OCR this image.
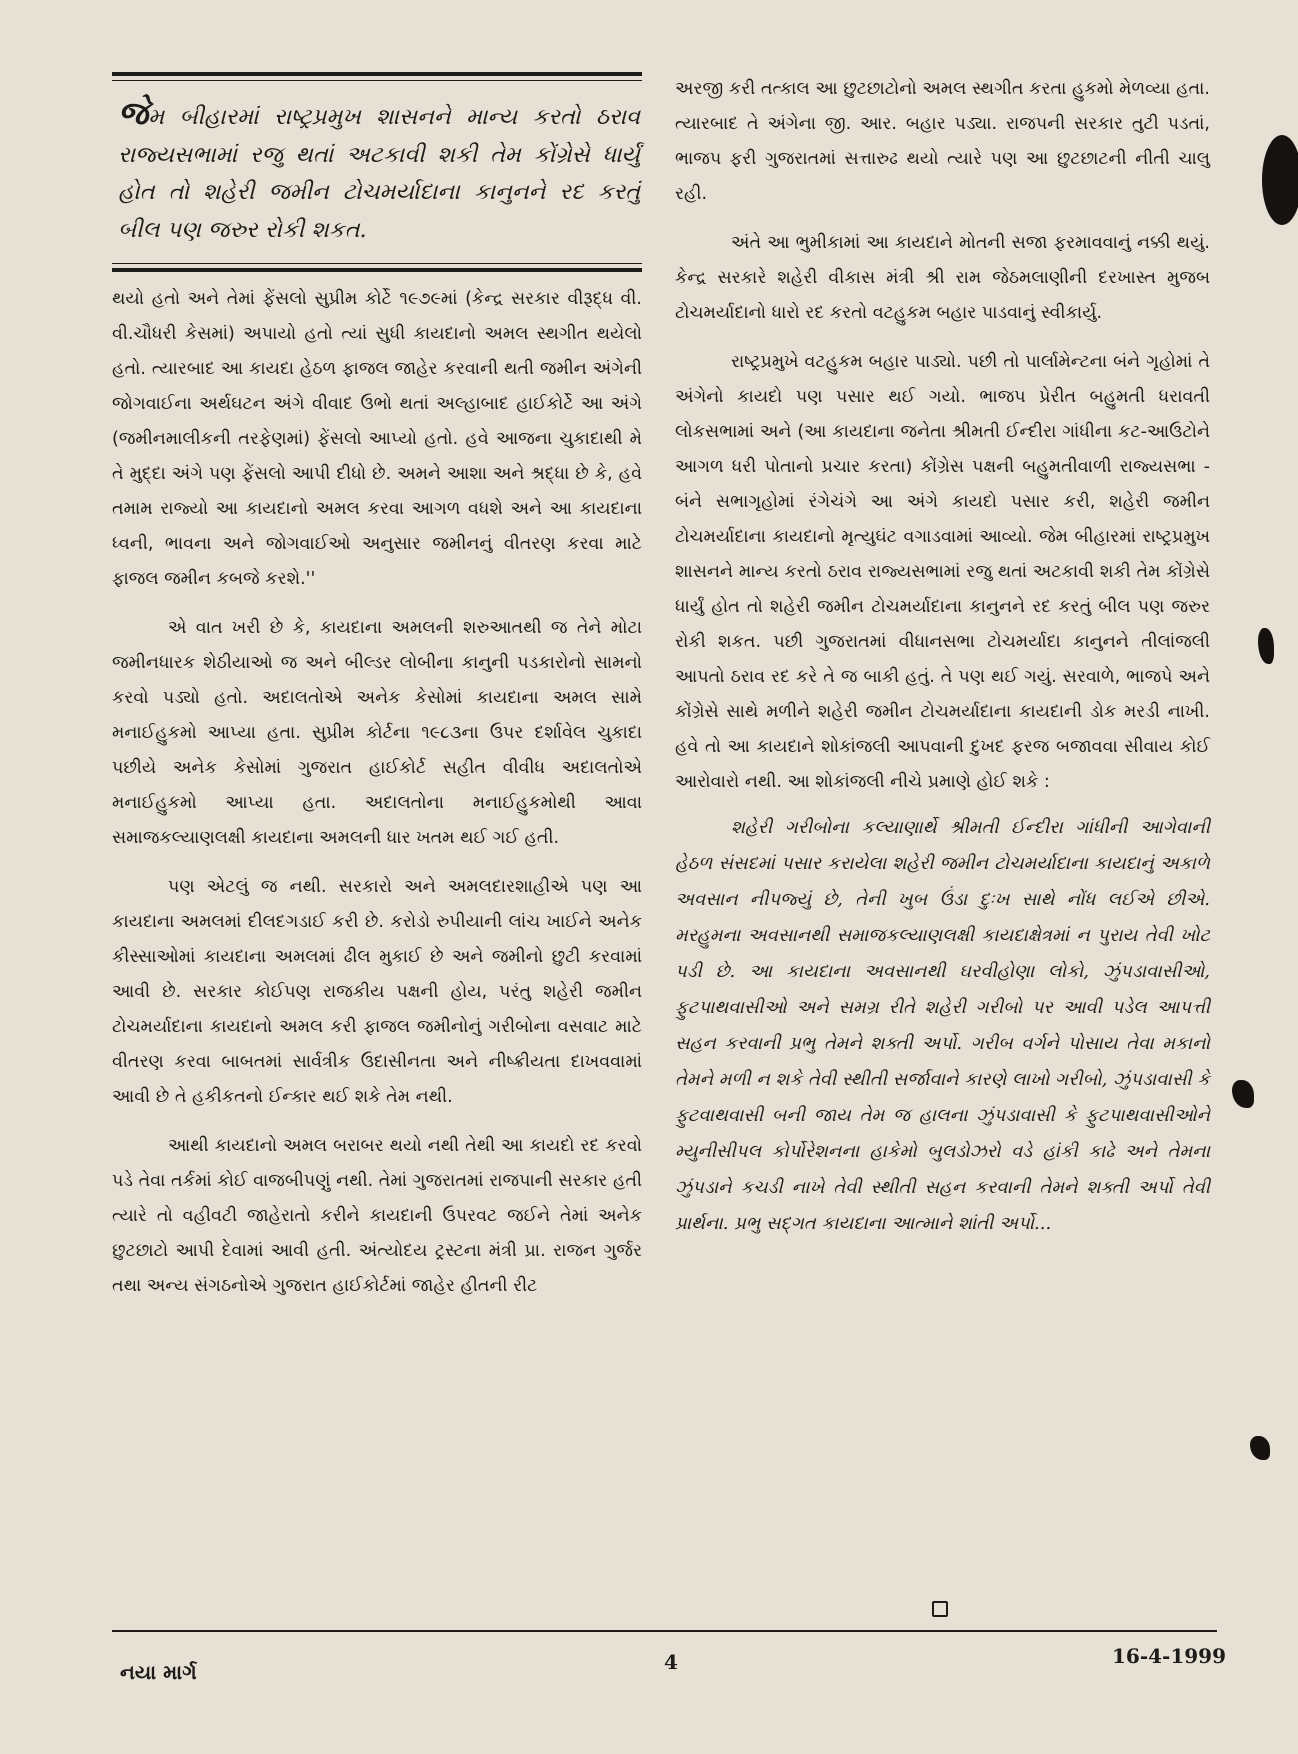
જેમ બીહારમાં રાષ્ટ્રપ્રમુખ શાસનને માન્ય કરતો ઠરાવ રાજ્યસભામાં રજુ થતાં અટકાવી શકી તેમ કોંગ્રેસે ધાર્યું હોત તો શહેરી જમીન ટોચમર્યાદાના કાનુનને રદ કરતું બીલ પણ જરુર રોકી શકત.

થયો હતો અને તેમાં ફેંસલો સુપ્રીમ કોર્ટે ૧૯૭૯માં (કેન્દ્ર સરકાર વીરૂદ્ધ વી. વી.ચૌધરી કેસમાં) અપાયો હતો ત્યાં સુધી કાયદાનો અમલ સ્થગીત થયેલો હતો. ત્યારબાદ આ કાયદા હેઠળ ફાજલ જાહેર કરવાની થતી જમીન અંગેની જોગવાઈના અર્થઘટન અંગે વીવાદ ઉભો થતાં અલ્હાબાદ હાઈકોર્ટે આ અંગે (જમીનમાલીકની તરફેણમાં) ફેંસલો આપ્યો હતો. હવે આજના ચુકાદાથી મે તે મુદ્દા અંગે પણ ફેંસલો આપી દીધો છે. અમને આશા અને શ્રદ્ધા છે કે, હવે તમામ રાજ્યો આ કાયદાનો અમલ કરવા આગળ વધશે અને આ કાયદાના ધ્વની, ભાવના અને જોગવાઈઓ અનુસાર જમીનનું વીતરણ કરવા માટે ફાજલ જમીન કબજે કરશે.''

એ વાત ખરી છે કે, કાયદાના અમલની શરુઆતથી જ તેને મોટા જમીનધારક શેઠીયાઓ જ અને બીલ્ડર લોબીના કાનુની પડકારોનો સામનો કરવો પડ્યો હતો. અદાલતોએ અનેક કેસોમાં કાયદાના અમલ સામે મનાઈહુકમો આપ્યા હતા. સુપ્રીમ કોર્ટના ૧૯૮૩ના ઉપર દર્શાવેલ ચુકાદા પછીયે અનેક કેસોમાં ગુજરાત હાઈકોર્ટ સહીત વીવીધ અદાલતોએ મનાઈહુકમો આપ્યા હતા. અદાલતોના મનાઈહુકમોથી આવા સમાજકલ્યાણલક્ષી કાયદાના અમલની ધાર ખતમ થઈ ગઈ હતી.

પણ એટલું જ નથી. સરકારો અને અમલદારશાહીએ પણ આ કાયદાના અમલમાં દીલદગડાઈ કરી છે. કરોડો રુપીયાની લાંચ ખાઈને અનેક કીસ્સાઓમાં કાયદાના અમલમાં ઢીલ મુકાઈ છે અને જમીનો છુટી કરવામાં આવી છે. સરકાર કોઈપણ રાજકીય પક્ષની હોય, પરંતુ શહેરી જમીન ટોચમર્યાદાના કાયદાનો અમલ કરી ફાજલ જમીનોનું ગરીબોના વસવાટ માટે વીતરણ કરવા બાબતમાં સાર્વત્રીક ઉદાસીનતા અને નીષ્ક્રીયતા દાખવવામાં આવી છે તે હકીકતનો ઈન્કાર થઈ શકે તેમ નથી.

આથી કાયદાનો અમલ બરાબર થયો નથી તેથી આ કાયદો રદ કરવો પડે તેવા તર્કમાં કોઈ વાજબીપણું નથી. તેમાં ગુજરાતમાં રાજપાની સરકાર હતી ત્યારે તો વહીવટી જાહેરાતો કરીને કાયદાની ઉપરવટ જઈને તેમાં અનેક છુટછાટો આપી દેવામાં આવી હતી. અંત્યોદય ટ્રસ્ટના મંત્રી પ્રા. રાજન ગુર્જર તથા અન્ય સંગઠનોએ ગુજરાત હાઈકોર્ટમાં જાહેર હીતની રીટ

અરજી કરી તત્કાલ આ છુટછાટોનો અમલ સ્થગીત કરતા હુકમો મેળવ્યા હતા. ત્યારબાદ તે અંગેના જી. આર. બહાર પડ્યા. રાજપની સરકાર તુટી પડતાં, ભાજપ ફરી ગુજરાતમાં સત્તારુઢ થયો ત્યારે પણ આ છુટછાટની નીતી ચાલુ રહી.

અંતે આ ભુમીકામાં આ કાયદાને મોતની સજા ફરમાવવાનું નક્કી થયું. કેન્દ્ર સરકારે શહેરી વીકાસ મંત્રી શ્રી રામ જેઠમલાણીની દરખાસ્ત મુજબ ટોચમર્યાદાનો ધારો રદ કરતો વટહુકમ બહાર પાડવાનું સ્વીકાર્યુ.

રાષ્ટ્રપ્રમુખે વટહુકમ બહાર પાડ્યો. પછી તો પાર્લામેન્ટના બંને ગૃહોમાં તે અંગેનો કાયદો પણ પસાર થઈ ગયો. ભાજપ પ્રેરીત બહુમતી ધરાવતી લોકસભામાં અને (આ કાયદાના જનેતા શ્રીમતી ઈન્દીરા ગાંધીના કટ-આઉટોને આગળ ધરી પોતાનો પ્રચાર કરતા) કોંગ્રેસ પક્ષની બહુમતીવાળી રાજ્યસભા - બંને સભાગૃહોમાં રંગેચંગે આ અંગે કાયદો પસાર કરી, શહેરી જમીન ટોચમર્યાદાના કાયદાનો મૃત્યુઘંટ વગાડવામાં આવ્યો. જેમ બીહારમાં રાષ્ટ્રપ્રમુખ શાસનને માન્ય કરતો ઠરાવ રાજ્યસભામાં રજુ થતાં અટકાવી શકી તેમ કોંગ્રેસે ધાર્યું હોત તો શહેરી જમીન ટોચમર્યાદાના કાનુનને રદ કરતું બીલ પણ જરુર રોકી શકત. પછી ગુજરાતમાં વીધાનસભા ટોચમર્યાદા કાનુનને તીલાંજલી આપતો ઠરાવ રદ કરે તે જ બાકી હતું. તે પણ થઈ ગયું. સરવાળે, ભાજપે અને કોંગ્રેસે સાથે મળીને શહેરી જમીન ટોચમર્યાદાના કાયદાની ડોક મરડી નાખી. હવે તો આ કાયદાને શોકાંજલી આપવાની દુખદ ફરજ બજાવવા સીવાય કોઈ આરોવારો નથી. આ શોકાંજલી નીચે પ્રમાણે હોઈ શકે :

શહેરી ગરીબોના કલ્યાણાર્થે શ્રીમતી ઈન્દીરા ગાંધીની આગેવાની હેઠળ સંસદમાં પસાર કરાયેલા શહેરી જમીન ટોચમર્યાદાના કાયદાનું અકાળે અવસાન નીપજ્યું છે, તેની ખુબ ઉંડા દુઃખ સાથે નોંધ લઈએ છીએ. મરહુમના અવસાનથી સમાજકલ્યાણલક્ષી કાયદાક્ષેત્રમાં ન પુરાય તેવી ખોટ પડી છે. આ કાયદાના અવસાનથી ઘરવીહોણા લોકો, ઝુંપડાવાસીઓ, ફુટપાથવાસીઓ અને સમગ્ર રીતે શહેરી ગરીબો પર આવી પડેલ આપત્તી સહન કરવાની પ્રભુ તેમને શક્તી અર્પો. ગરીબ વર્ગને પોસાય તેવા મકાનો તેમને મળી ન શકે તેવી સ્થીતી સર્જાવાને કારણે લાખો ગરીબો, ઝુંપડાવાસી કે ફુટવાથવાસી બની જાય તેમ જ હાલના ઝુંપડાવાસી કે ફુટપાથવાસીઓને મ્યુનીસીપલ કોર્પોરેશનના હાકેમો બુલડોઝરો વડે હાંકી કાઢે અને તેમના ઝુંપડાને કચડી નાખે તેવી સ્થીતી સહન કરવાની તેમને શક્તી અર્પો તેવી પ્રાર્થના. પ્રભુ સદ્ગત કાયદાના આત્માને શાંતી અર્પો...

નયા માર્ગ	4	16-4-1999
